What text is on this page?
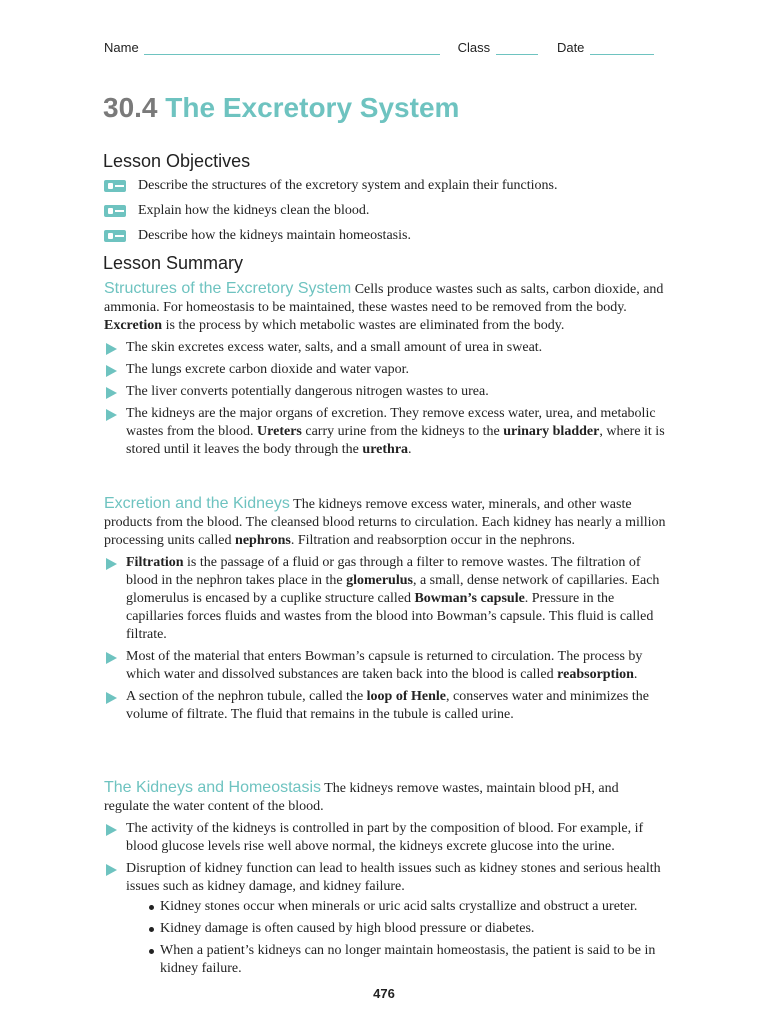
Name	Class	Date
30.4 The Excretory System
Lesson Objectives
Describe the structures of the excretory system and explain their functions.
Explain how the kidneys clean the blood.
Describe how the kidneys maintain homeostasis.
Lesson Summary

Structures of the Excretory System Cells produce wastes such as salts, carbon dioxide, and ammonia. For homeostasis to be maintained, these wastes need to be removed from the body. Excretion is the process by which metabolic wastes are eliminated from the body.

The skin excretes excess water, salts, and a small amount of urea in sweat.
The lungs excrete carbon dioxide and water vapor.
The liver converts potentially dangerous nitrogen wastes to urea.
The kidneys are the major organs of excretion. They remove excess water, urea, and metabolic wastes from the blood. Ureters carry urine from the kidneys to the urinary bladder, where it is stored until it leaves the body through the urethra.

Excretion and the Kidneys The kidneys remove excess water, minerals, and other waste products from the blood. The cleansed blood returns to circulation. Each kidney has nearly a million processing units called nephrons. Filtration and reabsorption occur in the nephrons.

Filtration is the passage of a fluid or gas through a filter to remove wastes. The filtration of blood in the nephron takes place in the glomerulus, a small, dense network of capillaries. Each glomerulus is encased by a cuplike structure called Bowman’s capsule. Pressure in the capillaries forces fluids and wastes from the blood into Bowman’s capsule. This fluid is called filtrate.
Most of the material that enters Bowman’s capsule is returned to circulation. The process by which water and dissolved substances are taken back into the blood is called reabsorption.
A section of the nephron tubule, called the loop of Henle, conserves water and minimizes the volume of filtrate. The fluid that remains in the tubule is called urine.

The Kidneys and Homeostasis The kidneys remove wastes, maintain blood pH, and regulate the water content of the blood.

The activity of the kidneys is controlled in part by the composition of blood. For example, if blood glucose levels rise well above normal, the kidneys excrete glucose into the urine.
Disruption of kidney function can lead to health issues such as kidney stones and serious health issues such as kidney damage, and kidney failure.
Kidney stones occur when minerals or uric acid salts crystallize and obstruct a ureter.
Kidney damage is often caused by high blood pressure or diabetes.
When a patient’s kidneys can no longer maintain homeostasis, the patient is said to be in kidney failure.
476
